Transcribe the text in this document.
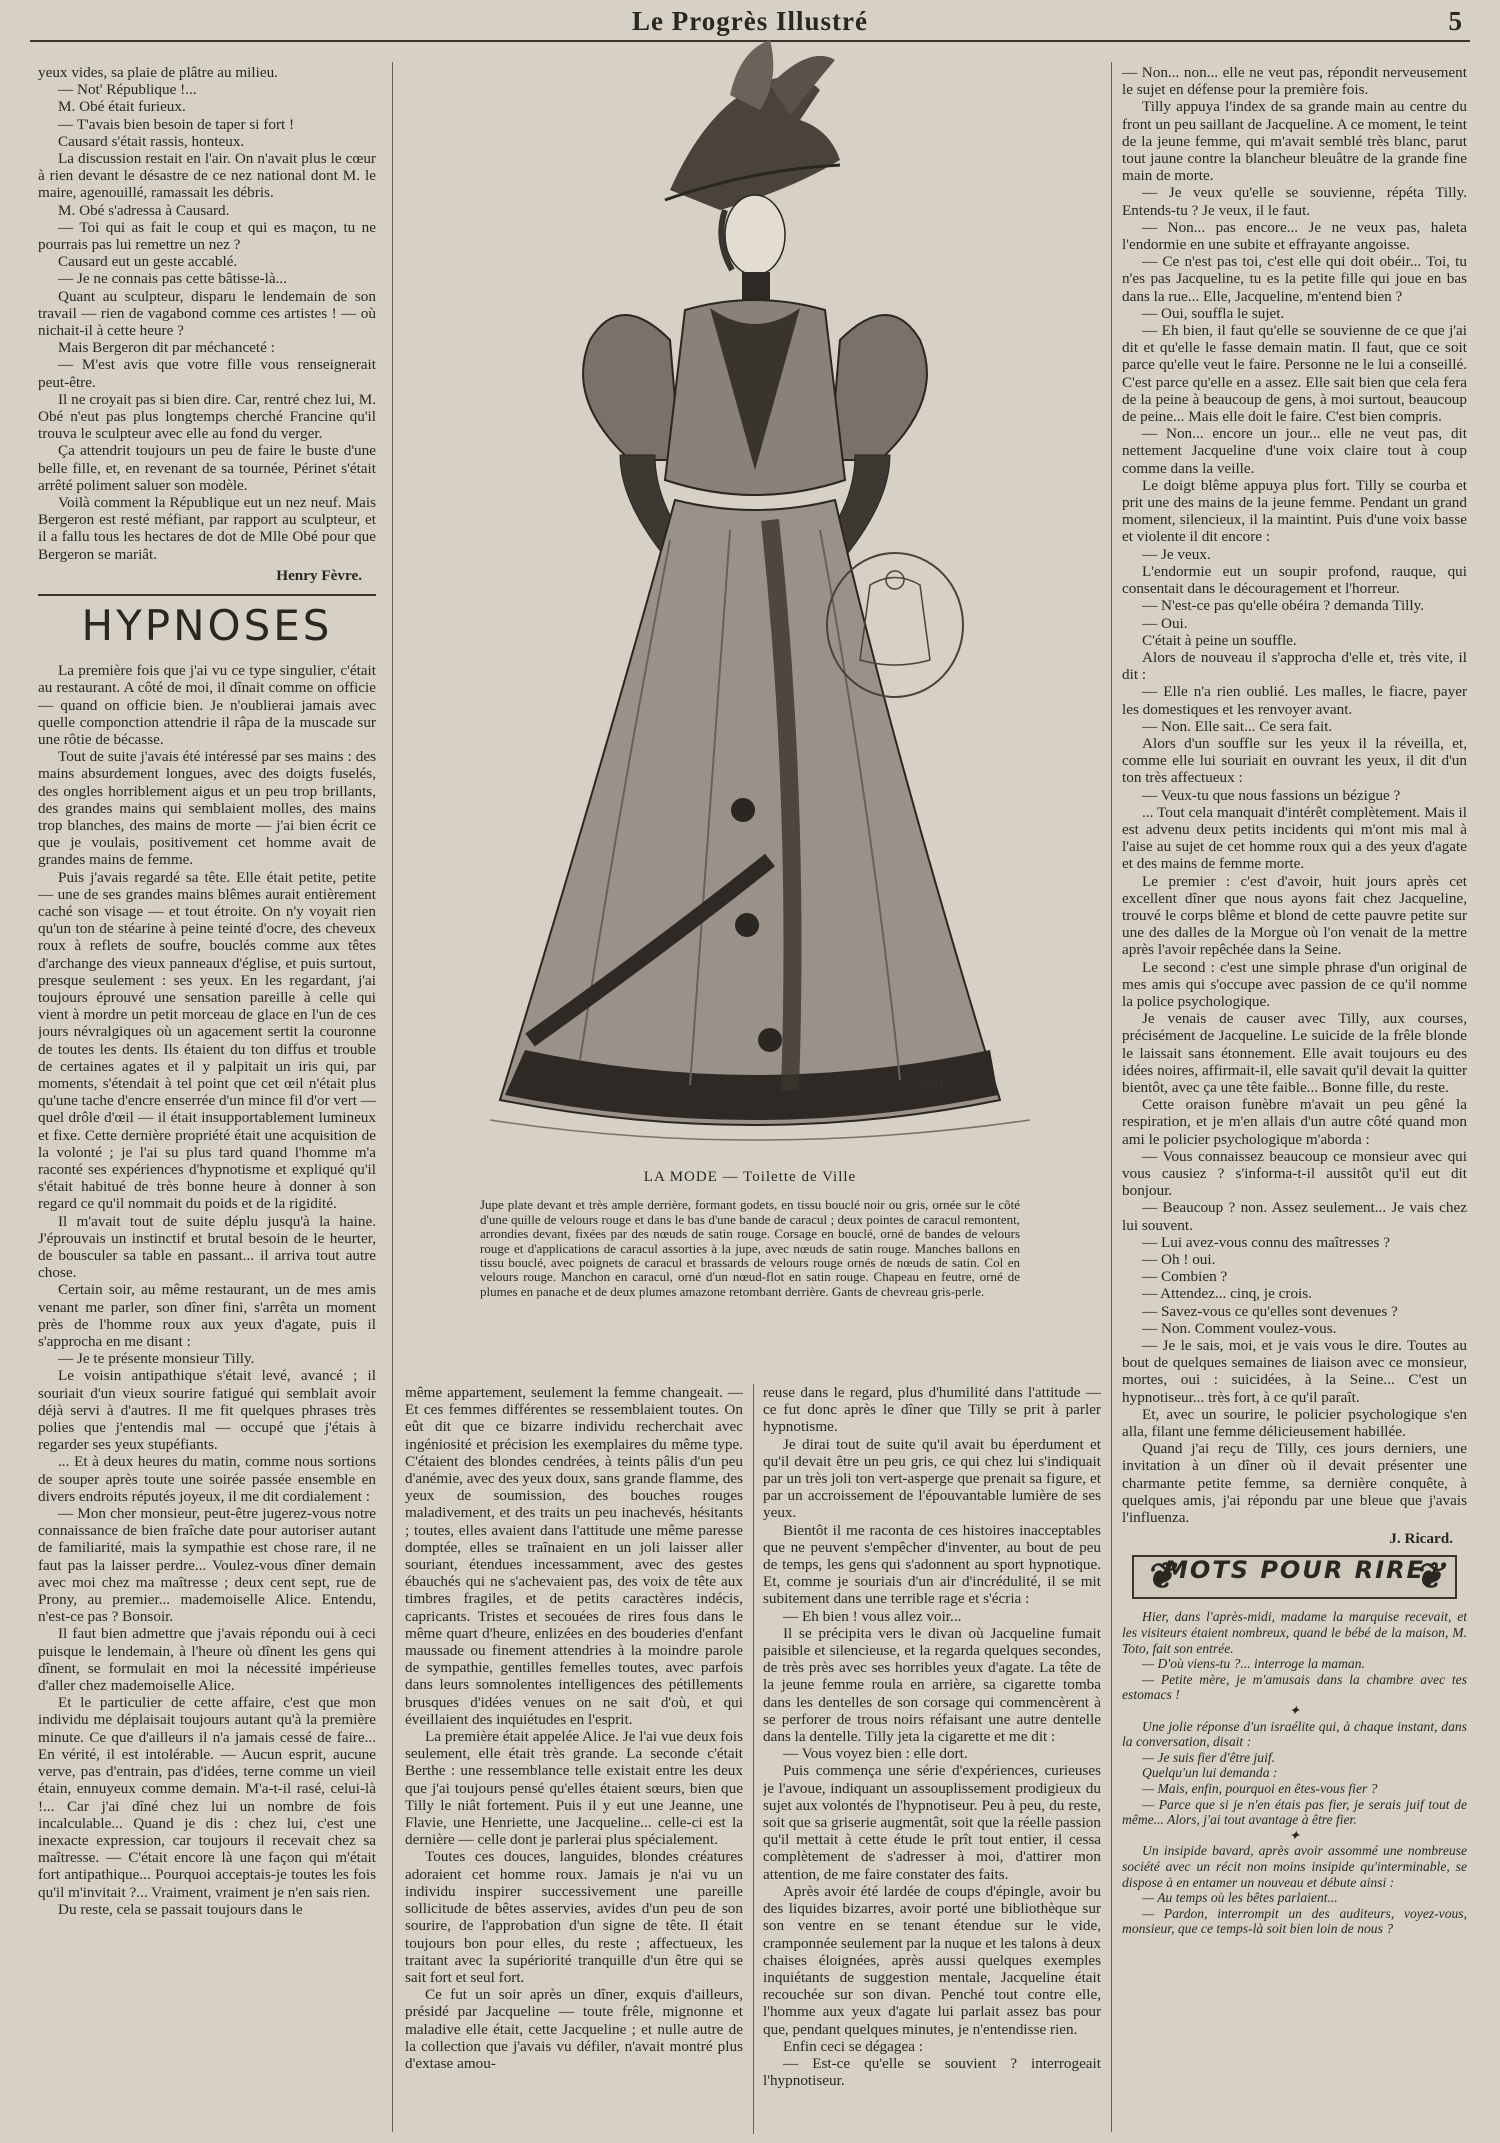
Le Progrès Illustré	5

yeux vides, sa plaie de plâtre au milieu.

— Not' République !...

M. Obé était furieux.

— T'avais bien besoin de taper si fort !

Causard s'était rassis, honteux.

La discussion restait en l'air. On n'avait plus le cœur à rien devant le désastre de ce nez national dont M. le maire, agenouillé, ramassait les débris.

M. Obé s'adressa à Causard.

— Toi qui as fait le coup et qui es maçon, tu ne pourrais pas lui remettre un nez ?

Causard eut un geste accablé.

— Je ne connais pas cette bâtisse-là...

Quant au sculpteur, disparu le lendemain de son travail — rien de vagabond comme ces artistes ! — où nichait-il à cette heure ?

Mais Bergeron dit par méchanceté :

— M'est avis que votre fille vous renseignerait peut-être.

Il ne croyait pas si bien dire. Car, rentré chez lui, M. Obé n'eut pas plus longtemps cherché Francine qu'il trouva le sculpteur avec elle au fond du verger.

Ça attendrit toujours un peu de faire le buste d'une belle fille, et, en revenant de sa tournée, Périnet s'était arrêté poliment saluer son modèle.

Voilà comment la République eut un nez neuf. Mais Bergeron est resté méfiant, par rapport au sculpteur, et il a fallu tous les hectares de dot de Mlle Obé pour que Bergeron se mariât.

Henry Fèvre.

HYPNOSES

La première fois que j'ai vu ce type singulier, c'était au restaurant. A côté de moi, il dînait comme on officie — quand on officie bien. Je n'oublierai jamais avec quelle componction attendrie il râpa de la muscade sur une rôtie de bécasse.

Tout de suite j'avais été intéressé par ses mains : des mains absurdement longues, avec des doigts fuselés, des ongles horriblement aigus et un peu trop brillants, des grandes mains qui semblaient molles, des mains trop blanches, des mains de morte — j'ai bien écrit ce que je voulais, positivement cet homme avait de grandes mains de femme.

Puis j'avais regardé sa tête. Elle était petite, petite — une de ses grandes mains blêmes aurait entièrement caché son visage — et tout étroite. On n'y voyait rien qu'un ton de stéarine à peine teinté d'ocre, des cheveux roux à reflets de soufre, bouclés comme aux têtes d'archange des vieux panneaux d'église, et puis surtout, presque seulement : ses yeux. En les regardant, j'ai toujours éprouvé une sensation pareille à celle qui vient à mordre un petit morceau de glace en l'un de ces jours névralgiques où un agacement sertit la couronne de toutes les dents. Ils étaient du ton diffus et trouble de certaines agates et il y palpitait un iris qui, par moments, s'étendait à tel point que cet œil n'était plus qu'une tache d'encre enserrée d'un mince fil d'or vert — quel drôle d'œil — il était insupportablement lumineux et fixe. Cette dernière propriété était une acquisition de la volonté ; je l'ai su plus tard quand l'homme m'a raconté ses expériences d'hypnotisme et expliqué qu'il s'était habitué de très bonne heure à donner à son regard ce qu'il nommait du poids et de la rigidité.

Il m'avait tout de suite déplu jusqu'à la haine. J'éprouvais un instinctif et brutal besoin de le heurter, de bousculer sa table en passant... il arriva tout autre chose.

Certain soir, au même restaurant, un de mes amis venant me parler, son dîner fini, s'arrêta un moment près de l'homme roux aux yeux d'agate, puis il s'approcha en me disant :

— Je te présente monsieur Tilly.

Le voisin antipathique s'était levé, avancé ; il souriait d'un vieux sourire fatigué qui semblait avoir déjà servi à d'autres. Il me fit quelques phrases très polies que j'entendis mal — occupé que j'étais à regarder ses yeux stupéfiants.

... Et à deux heures du matin, comme nous sortions de souper après toute une soirée passée ensemble en divers endroits réputés joyeux, il me dit cordialement :

— Mon cher monsieur, peut-être jugerez-vous notre connaissance de bien fraîche date pour autoriser autant de familiarité, mais la sympathie est chose rare, il ne faut pas la laisser perdre... Voulez-vous dîner demain avec moi chez ma maîtresse ; deux cent sept, rue de Prony, au premier... mademoiselle Alice. Entendu, n'est-ce pas ? Bonsoir.

Il faut bien admettre que j'avais répondu oui à ceci puisque le lendemain, à l'heure où dînent les gens qui dînent, se formulait en moi la nécessité impérieuse d'aller chez mademoiselle Alice.

Et le particulier de cette affaire, c'est que mon individu me déplaisait toujours autant qu'à la première minute. Ce que d'ailleurs il n'a jamais cessé de faire... En vérité, il est intolérable. — Aucun esprit, aucune verve, pas d'entrain, pas d'idées, terne comme un vieil étain, ennuyeux comme demain. M'a-t-il rasé, celui-là !... Car j'ai dîné chez lui un nombre de fois incalculable... Quand je dis : chez lui, c'est une inexacte expression, car toujours il recevait chez sa maîtresse. — C'était encore là une façon qui m'était fort antipathique... Pourquoi acceptais-je toutes les fois qu'il m'invitait ?... Vraiment, vraiment je n'en sais rien.

Du reste, cela se passait toujours dans le

5961
LA MODE — Toilette de Ville
Jupe plate devant et très ample derrière, formant godets, en tissu bouclé noir ou gris, ornée sur le côté d'une quille de velours rouge et dans le bas d'une bande de caracul ; deux pointes de caracul remontent, arrondies devant, fixées par des nœuds de satin rouge. Corsage en bouclé, orné de bandes de velours rouge et d'applications de caracul assorties à la jupe, avec nœuds de satin rouge. Manches ballons en tissu bouclé, avec poignets de caracul et brassards de velours rouge ornés de nœuds de satin. Col en velours rouge. Manchon en caracul, orné d'un nœud-flot en satin rouge. Chapeau en feutre, orné de plumes en panache et de deux plumes amazone retombant derrière. Gants de chevreau gris-perle.

même appartement, seulement la femme changeait. — Et ces femmes différentes se ressemblaient toutes. On eût dit que ce bizarre individu recherchait avec ingéniosité et précision les exemplaires du même type. C'étaient des blondes cendrées, à teints pâlis d'un peu d'anémie, avec des yeux doux, sans grande flamme, des yeux de soumission, des bouches rouges maladivement, et des traits un peu inachevés, hésitants ; toutes, elles avaient dans l'attitude une même paresse domptée, elles se traînaient en un joli laisser aller souriant, étendues incessamment, avec des gestes ébauchés qui ne s'achevaient pas, des voix de tête aux timbres fragiles, et de petits caractères indécis, capricants. Tristes et secouées de rires fous dans le même quart d'heure, enlizées en des bouderies d'enfant maussade ou finement attendries à la moindre parole de sympathie, gentilles femelles toutes, avec parfois dans leurs somnolentes intelligences des pétillements brusques d'idées venues on ne sait d'où, et qui éveillaient des inquiétudes en l'esprit.

La première était appelée Alice. Je l'ai vue deux fois seulement, elle était très grande. La seconde c'était Berthe : une ressemblance telle existait entre les deux que j'ai toujours pensé qu'elles étaient sœurs, bien que Tilly le niât fortement. Puis il y eut une Jeanne, une Flavie, une Henriette, une Jacqueline... celle-ci est la dernière — celle dont je parlerai plus spécialement.

Toutes ces douces, languides, blondes créatures adoraient cet homme roux. Jamais je n'ai vu un individu inspirer successivement une pareille sollicitude de bêtes asservies, avides d'un peu de son sourire, de l'approbation d'un signe de tête. Il était toujours bon pour elles, du reste ; affectueux, les traitant avec la supériorité tranquille d'un être qui se sait fort et seul fort.

Ce fut un soir après un dîner, exquis d'ailleurs, présidé par Jacqueline — toute frêle, mignonne et maladive elle était, cette Jacqueline ; et nulle autre de la collection que j'avais vu défiler, n'avait montré plus d'extase amou-

reuse dans le regard, plus d'humilité dans l'attitude — ce fut donc après le dîner que Tilly se prit à parler hypnotisme.

Je dirai tout de suite qu'il avait bu éperdument et qu'il devait être un peu gris, ce qui chez lui s'indiquait par un très joli ton vert-asperge que prenait sa figure, et par un accroissement de l'épouvantable lumière de ses yeux.

Bientôt il me raconta de ces histoires inacceptables que ne peuvent s'empêcher d'inventer, au bout de peu de temps, les gens qui s'adonnent au sport hypnotique. Et, comme je souriais d'un air d'incrédulité, il se mit subitement dans une terrible rage et s'écria :

— Eh bien ! vous allez voir...

Il se précipita vers le divan où Jacqueline fumait paisible et silencieuse, et la regarda quelques secondes, de très près avec ses horribles yeux d'agate. La tête de la jeune femme roula en arrière, sa cigarette tomba dans les dentelles de son corsage qui commencèrent à se perforer de trous noirs réfaisant une autre dentelle dans la dentelle. Tilly jeta la cigarette et me dit :

— Vous voyez bien : elle dort.

Puis commença une série d'expériences, curieuses je l'avoue, indiquant un assouplissement prodigieux du sujet aux volontés de l'hypnotiseur. Peu à peu, du reste, soit que sa griserie augmentât, soit que la réelle passion qu'il mettait à cette étude le prît tout entier, il cessa complètement de s'adresser à moi, d'attirer mon attention, de me faire constater des faits.

Après avoir été lardée de coups d'épingle, avoir bu des liquides bizarres, avoir porté une bibliothèque sur son ventre en se tenant étendue sur le vide, cramponnée seulement par la nuque et les talons à deux chaises éloignées, après aussi quelques exemples inquiétants de suggestion mentale, Jacqueline était recouchée sur son divan. Penché tout contre elle, l'homme aux yeux d'agate lui parlait assez bas pour que, pendant quelques minutes, je n'entendisse rien.

Enfin ceci se dégagea :

— Est-ce qu'elle se souvient ? interrogeait l'hypnotiseur.

— Non... non... elle ne veut pas, répondit nerveusement le sujet en défense pour la première fois.

Tilly appuya l'index de sa grande main au centre du front un peu saillant de Jacqueline. A ce moment, le teint de la jeune femme, qui m'avait semblé très blanc, parut tout jaune contre la blancheur bleuâtre de la grande fine main de morte.

— Je veux qu'elle se souvienne, répéta Tilly. Entends-tu ? Je veux, il le faut.

— Non... pas encore... Je ne veux pas, haleta l'endormie en une subite et effrayante angoisse.

— Ce n'est pas toi, c'est elle qui doit obéir... Toi, tu n'es pas Jacqueline, tu es la petite fille qui joue en bas dans la rue... Elle, Jacqueline, m'entend bien ?

— Oui, souffla le sujet.

— Eh bien, il faut qu'elle se souvienne de ce que j'ai dit et qu'elle le fasse demain matin. Il faut, que ce soit parce qu'elle veut le faire. Personne ne le lui a conseillé. C'est parce qu'elle en a assez. Elle sait bien que cela fera de la peine à beaucoup de gens, à moi surtout, beaucoup de peine... Mais elle doit le faire. C'est bien compris.

— Non... encore un jour... elle ne veut pas, dit nettement Jacqueline d'une voix claire tout à coup comme dans la veille.

Le doigt blême appuya plus fort. Tilly se courba et prit une des mains de la jeune femme. Pendant un grand moment, silencieux, il la maintint. Puis d'une voix basse et violente il dit encore :

— Je veux.

L'endormie eut un soupir profond, rauque, qui consentait dans le découragement et l'horreur.

— N'est-ce pas qu'elle obéira ? demanda Tilly.

— Oui.

C'était à peine un souffle.

Alors de nouveau il s'approcha d'elle et, très vite, il dit :

— Elle n'a rien oublié. Les malles, le fiacre, payer les domestiques et les renvoyer avant.

— Non. Elle sait... Ce sera fait.

Alors d'un souffle sur les yeux il la réveilla, et, comme elle lui souriait en ouvrant les yeux, il dit d'un ton très affectueux :

— Veux-tu que nous fassions un bézigue ?

... Tout cela manquait d'intérêt complètement. Mais il est advenu deux petits incidents qui m'ont mis mal à l'aise au sujet de cet homme roux qui a des yeux d'agate et des mains de femme morte.

Le premier : c'est d'avoir, huit jours après cet excellent dîner que nous ayons fait chez Jacqueline, trouvé le corps blême et blond de cette pauvre petite sur une des dalles de la Morgue où l'on venait de la mettre après l'avoir repêchée dans la Seine.

Le second : c'est une simple phrase d'un original de mes amis qui s'occupe avec passion de ce qu'il nomme la police psychologique.

Je venais de causer avec Tilly, aux courses, précisément de Jacqueline. Le suicide de la frêle blonde le laissait sans étonnement. Elle avait toujours eu des idées noires, affirmait-il, elle savait qu'il devait la quitter bientôt, avec ça une tête faible... Bonne fille, du reste.

Cette oraison funèbre m'avait un peu gêné la respiration, et je m'en allais d'un autre côté quand mon ami le policier psychologique m'aborda :

— Vous connaissez beaucoup ce monsieur avec qui vous causiez ? s'informa-t-il aussitôt qu'il eut dit bonjour.

— Beaucoup ? non. Assez seulement... Je vais chez lui souvent.

— Lui avez-vous connu des maîtresses ?

— Oh ! oui.

— Combien ?

— Attendez... cinq, je crois.

— Savez-vous ce qu'elles sont devenues ?

— Non. Comment voulez-vous.

— Je le sais, moi, et je vais vous le dire. Toutes au bout de quelques semaines de liaison avec ce monsieur, mortes, oui : suicidées, à la Seine... C'est un hypnotiseur... très fort, à ce qu'il paraît.

Et, avec un sourire, le policier psychologique s'en alla, filant une femme délicieusement habillée.

Quand j'ai reçu de Tilly, ces jours derniers, une invitation à un dîner où il devait présenter une charmante petite femme, sa dernière conquête, à quelques amis, j'ai répondu par une bleue que j'avais l'influenza.

J. Ricard.

❦
MOTS POUR RIRE
❦

Hier, dans l'après-midi, madame la marquise recevait, et les visiteurs étaient nombreux, quand le bébé de la maison, M. Toto, fait son entrée.

— D'où viens-tu ?... interroge la maman.

— Petite mère, je m'amusais dans la chambre avec tes estomacs !

✦

Une jolie réponse d'un israélite qui, à chaque instant, dans la conversation, disait :

— Je suis fier d'être juif.

Quelqu'un lui demanda :

— Mais, enfin, pourquoi en êtes-vous fier ?

— Parce que si je n'en étais pas fier, je serais juif tout de même... Alors, j'ai tout avantage à être fier.

✦

Un insipide bavard, après avoir assommé une nombreuse société avec un récit non moins insipide qu'interminable, se dispose à en entamer un nouveau et débute ainsi :

— Au temps où les bêtes parlaient...

— Pardon, interrompit un des auditeurs, voyez-vous, monsieur, que ce temps-là soit bien loin de nous ?
